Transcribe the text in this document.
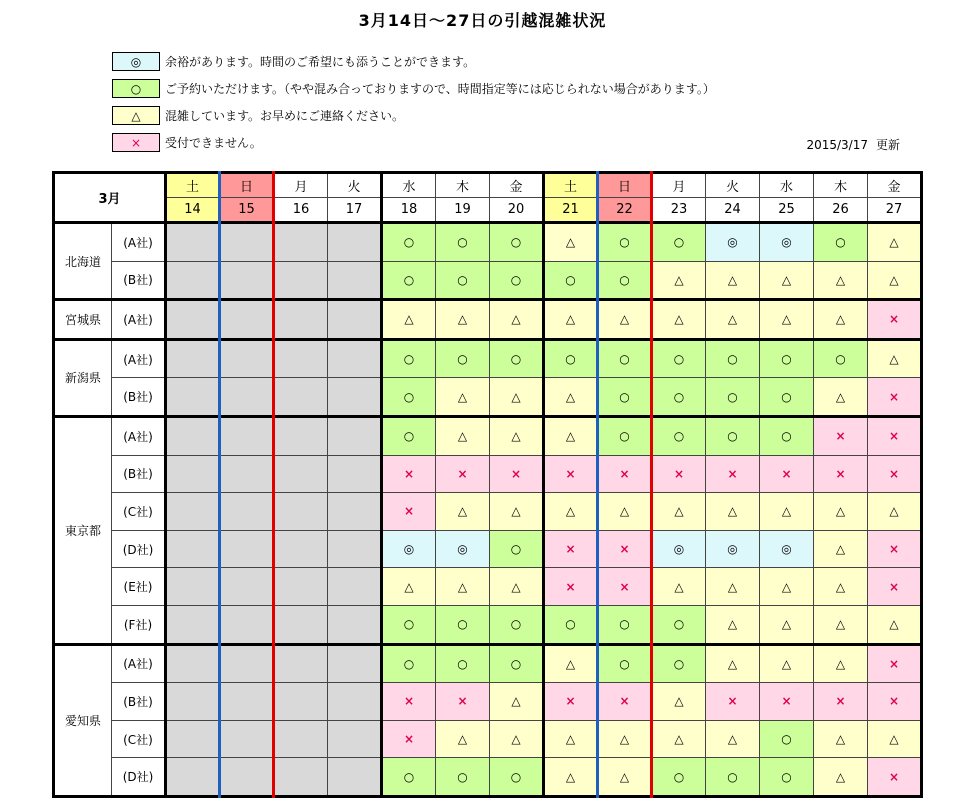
3月14日～27日の引越混雑状況
◎	余裕があります。時間のご希望にも添うことができます。
○	ご予約いただけます。（やや混み合っておりますので、時間指定等には応じられない場合があります。）
△	混雑しています。お早めにご連絡ください。
×	受付できません。	2015/3/17 更新
3月		土	日	月	火	水	木	金	土	日	月	火	水	木	金
		14	15	16	17	18	19	20	21	22	23	24	25	26	27
北海道	(A社)					○	○	○	△	○	○	◎	◎	○	△
	(B社)					○	○	○	○	○	△	△	△	△	△
宮城県	(A社)					△	△	△	△	△	△	△	△	△	×
新潟県	(A社)					○	○	○	○	○	○	○	○	○	△
	(B社)					○	△	△	△	○	○	○	○	△	×
東京都	(A社)					○	△	△	△	○	○	○	○	×	×
	(B社)					×	×	×	×	×	×	×	×	×	×
	(C社)					×	△	△	△	△	△	△	△	△	△
	(D社)					◎	◎	○	×	×	◎	◎	◎	△	×
	(E社)					△	△	△	×	×	△	△	△	△	×
	(F社)					○	○	○	○	○	○	△	△	△	△
愛知県	(A社)					○	○	○	△	○	○	△	△	△	×
	(B社)					×	×	△	×	×	△	×	×	×	×
	(C社)					×	△	△	△	△	△	△	○	△	△
	(D社)					○	○	○	△	△	○	○	○	△	×
